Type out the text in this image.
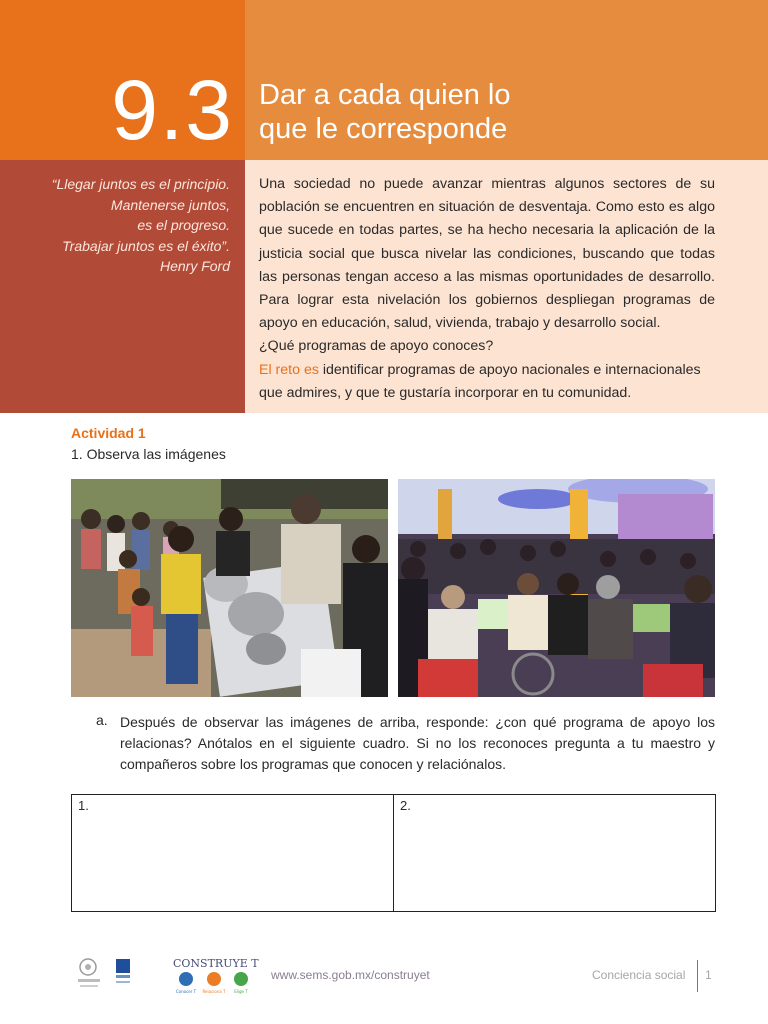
9.3 Dar a cada quien lo
que le corresponde
“Llegar juntos es el principio.
Mantenerse juntos,
es el progreso.
Trabajar juntos es el éxito”.
Henry Ford
Una sociedad no puede avanzar mientras algunos sectores de su población se encuentren en situación de desventaja. Como esto es algo que sucede en todas partes, se ha hecho necesaria la aplicación de la justicia social que busca nivelar las condiciones, buscando que todas las personas tengan acceso a las mismas oportunidades de desarrollo. Para lograr esta nivelación los gobiernos despliegan programas de apoyo en educación, salud, vivienda, trabajo y desarrollo social.
¿Qué programas de apoyo conoces?
El reto es identificar programas de apoyo nacionales e internacionales que admires, y que te gustaría incorporar en tu comunidad.
Actividad 1
1. Observa las imágenes
a. Después de observar las imágenes de arriba, responde: ¿con qué programa de apoyo los relacionas? Anótalos en el siguiente cuadro. Si no los reconoces pregunta a tu maestro y compañeros sobre los programas que conocen y relaciónalos.
1.	2.
CONSTRUYE T
Conocer T Relaciona T Elige T
www.sems.gob.mx/construyet	Conciencia social 1
